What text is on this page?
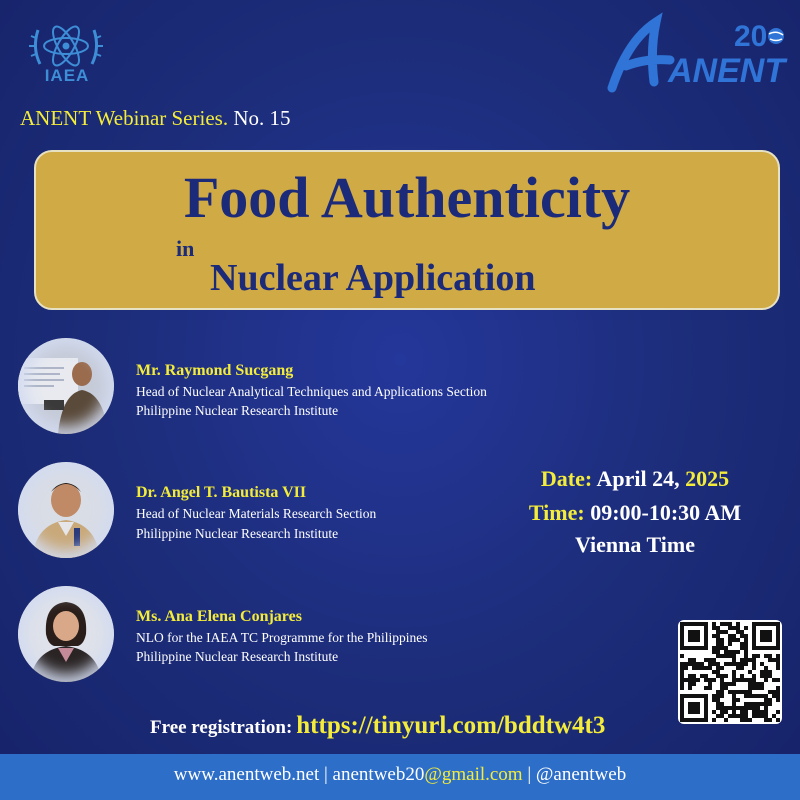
IAEA	ANENT
20
ANENT Webinar Series. No. 15
Food Authenticity
in
Nuclear Application
Mr. Raymond Sucgang
Head of Nuclear Analytical Techniques and Applications Section
Philippine Nuclear Research Institute
Dr. Angel T. Bautista VII
Head of Nuclear Materials Research Section
Philippine Nuclear Research Institute
Ms. Ana Elena Conjares
NLO for the IAEA TC Programme for the Philippines
Philippine Nuclear Research Institute
Date: April 24, 2025
Time: 09:00-10:30 AM
Vienna Time
Free registration: https://tinyurl.com/bddtw4t3
www.anentweb.net | anentweb20@gmail.com | @anentweb
